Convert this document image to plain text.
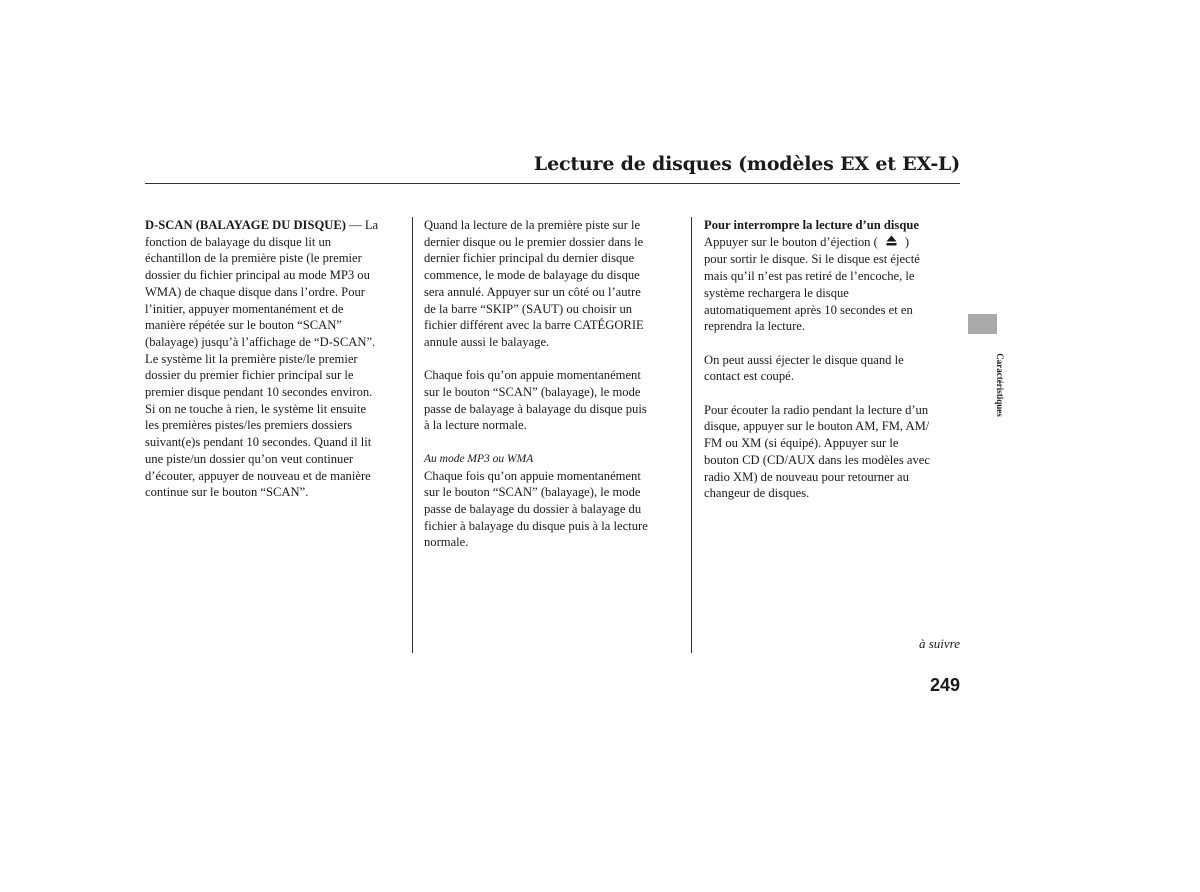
Lecture de disques (modèles EX et EX-L)

D-SCAN (BALAYAGE DU DISQUE) — La
fonction de balayage du disque lit un
échantillon de la première piste (le premier
dossier du fichier principal au mode MP3 ou
WMA) de chaque disque dans l’ordre. Pour
l’initier, appuyer momentanément et de
manière répétée sur le bouton “SCAN”
(balayage) jusqu’à l’affichage de “D-SCAN”.
Le système lit la première piste/le premier
dossier du premier fichier principal sur le
premier disque pendant 10 secondes environ.
Si on ne touche à rien, le système lit ensuite
les premières pistes/les premiers dossiers
suivant(e)s pendant 10 secondes. Quand il lit
une piste/un dossier qu’on veut continuer
d’écouter, appuyer de nouveau et de manière
continue sur le bouton “SCAN”.

Quand la lecture de la première piste sur le
dernier disque ou le premier dossier dans le
dernier fichier principal du dernier disque
commence, le mode de balayage du disque
sera annulé. Appuyer sur un côté ou l’autre
de la barre “SKIP” (SAUT) ou choisir un
fichier différent avec la barre CATÉGORIE
annule aussi le balayage.

Chaque fois qu’on appuie momentanément
sur le bouton “SCAN” (balayage), le mode
passe de balayage à balayage du disque puis
à la lecture normale.

Au mode MP3 ou WMA

Chaque fois qu’on appuie momentanément
sur le bouton “SCAN” (balayage), le mode
passe de balayage du dossier à balayage du
fichier à balayage du disque puis à la lecture
normale.

Pour interrompre la lecture d’un disque

Appuyer sur le bouton d’éjection ( )
pour sortir le disque. Si le disque est éjecté
mais qu’il n’est pas retiré de l’encoche, le
système rechargera le disque
automatiquement après 10 secondes et en
reprendra la lecture.

On peut aussi éjecter le disque quand le
contact est coupé.

Pour écouter la radio pendant la lecture d’un
disque, appuyer sur le bouton AM, FM, AM/
FM ou XM (si équipé). Appuyer sur le
bouton CD (CD/AUX dans les modèles avec
radio XM) de nouveau pour retourner au
changeur de disques.

Caractéristiques
à suivre
249
